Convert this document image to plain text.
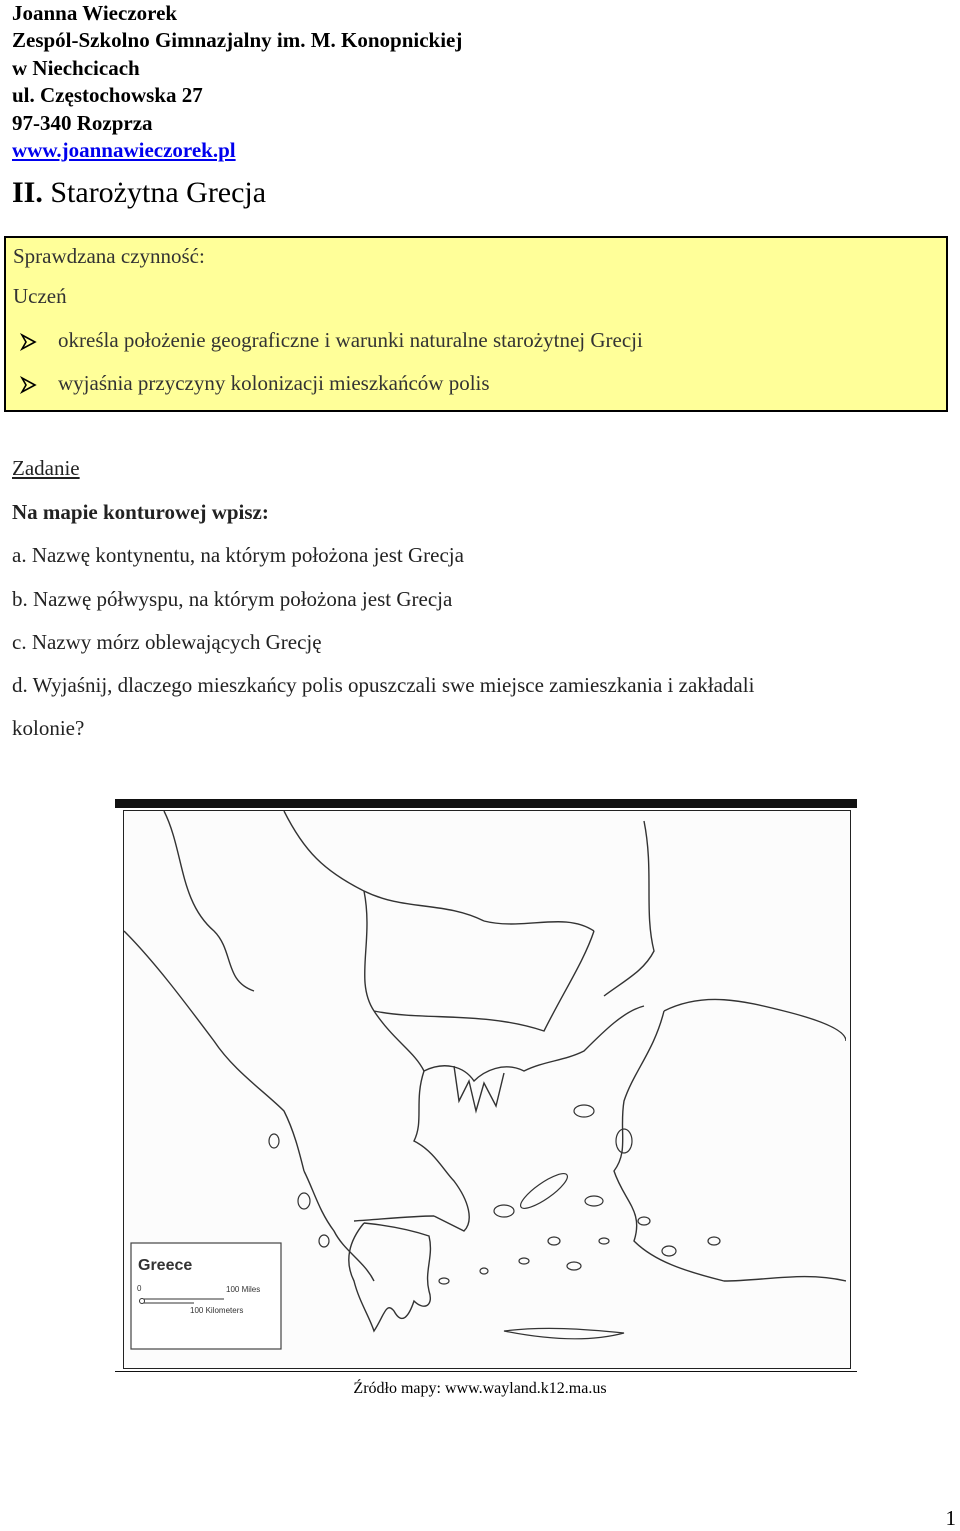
Joanna Wieczorek
Zespól-Szkolno Gimnazjalny im. M. Konopnickiej
w Niechcicach
ul. Częstochowska 27
97-340 Rozprza
www.joannawieczorek.pl
II. Starożytna Grecja
Sprawdzana czynność:
Uczeń
określa położenie geograficzne i warunki naturalne starożytnej Grecji
wyjaśnia przyczyny kolonizacji mieszkańców polis
Zadanie
Na mapie konturowej wpisz:
a. Nazwę kontynentu, na którym położona jest Grecja
b. Nazwę półwyspu, na którym położona jest Grecja
c. Nazwy mórz oblewających Grecję
d. Wyjaśnij, dlaczego mieszkańcy polis opuszczali swe miejsce zamieszkania i zakładali
kolonie?
Greece
0	100 Miles
100 Kilometers
Źródło mapy: www.wayland.k12.ma.us
1
